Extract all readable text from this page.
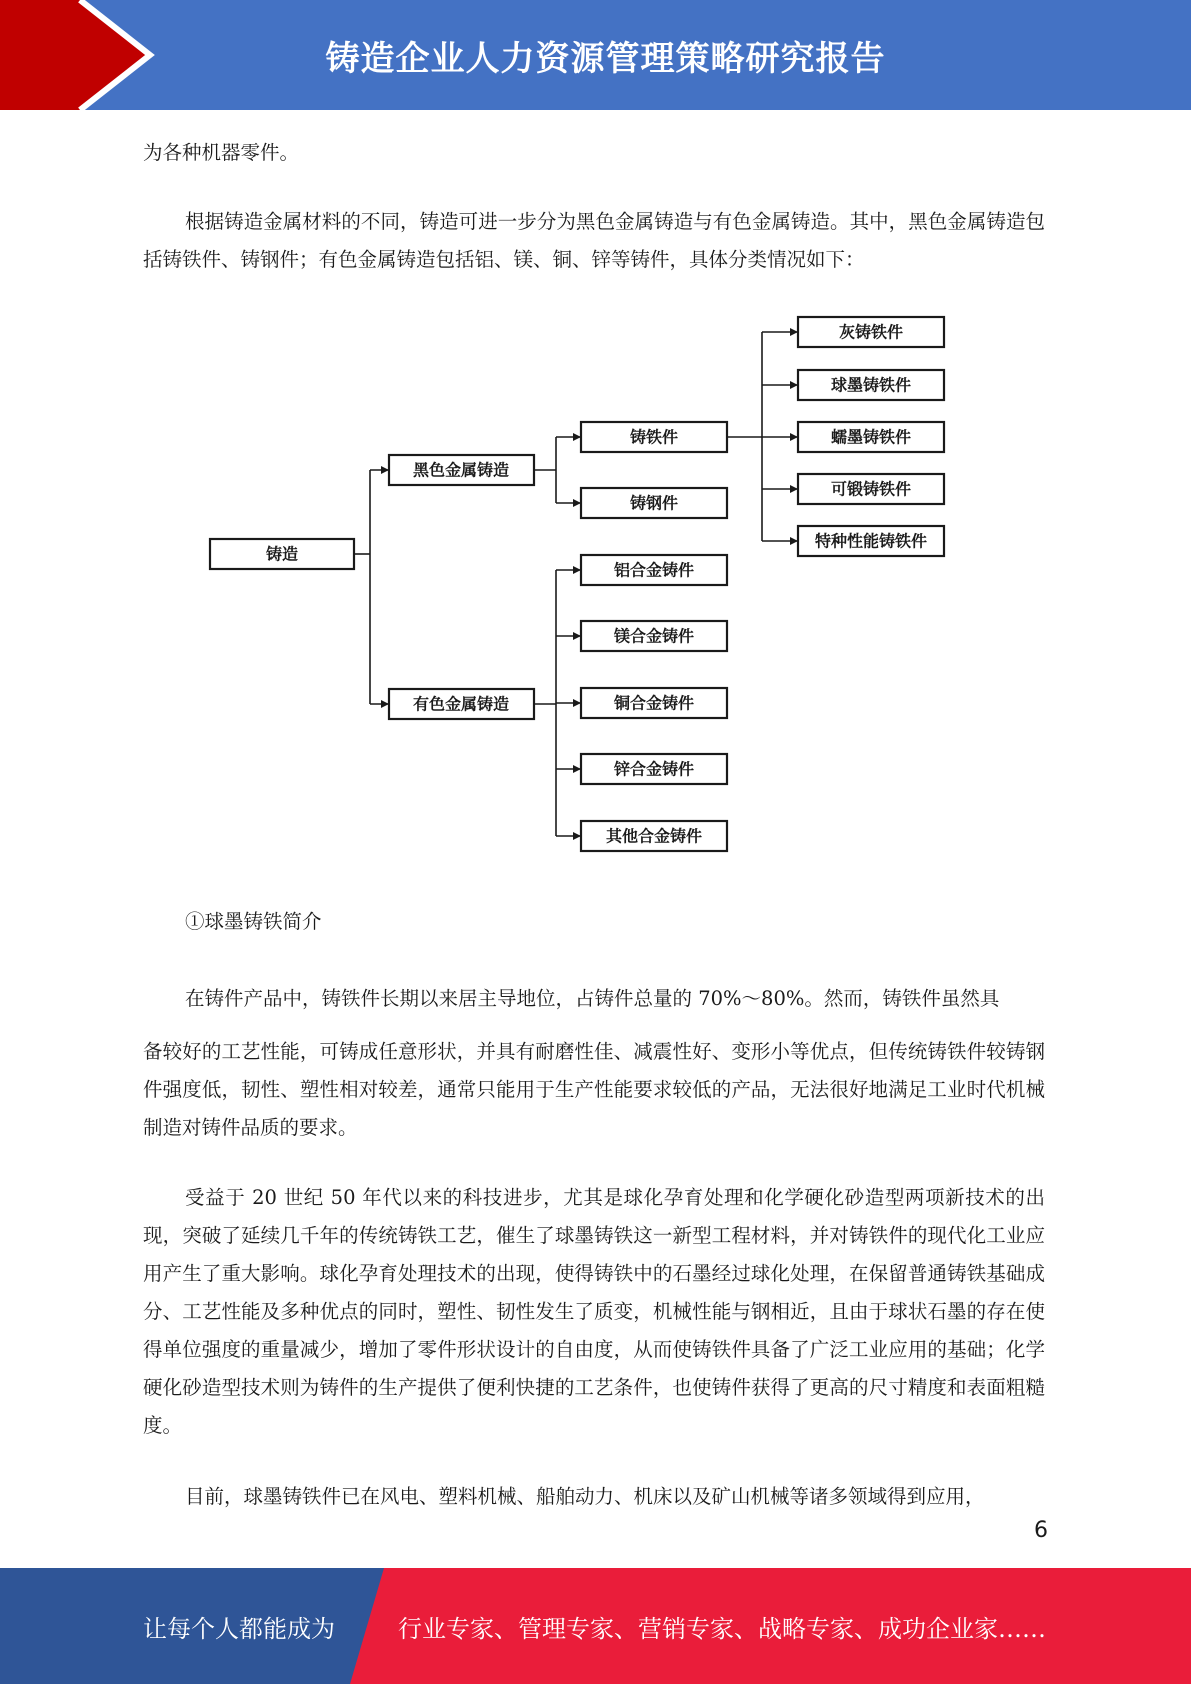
铸造企业人力资源管理策略研究报告

为各种机器零件。

根据铸造金属材料的不同，铸造可进一步分为黑色金属铸造与有色金属铸造。其中，黑色金属铸造包括铸铁件、铸钢件；有色金属铸造包括铝、镁、铜、锌等铸件，具体分类情况如下：

铸造
黑色金属铸造
有色金属铸造
铸铁件
铸钢件
灰铸铁件
球墨铸铁件
蠕墨铸铁件
可锻铸铁件
特种性能铸铁件
铝合金铸件
镁合金铸件
铜合金铸件
锌合金铸件
其他合金铸件

①球墨铸铁简介

在铸件产品中，铸铁件长期以来居主导地位，占铸件总量的 70%～80%。然而，铸铁件虽然具

备较好的工艺性能，可铸成任意形状，并具有耐磨性佳、减震性好、变形小等优点，但传统铸铁件较铸钢件强度低，韧性、塑性相对较差，通常只能用于生产性能要求较低的产品，无法很好地满足工业时代机械制造对铸件品质的要求。

受益于 20 世纪 50 年代以来的科技进步，尤其是球化孕育处理和化学硬化砂造型两项新技术的出现，突破了延续几千年的传统铸铁工艺，催生了球墨铸铁这一新型工程材料，并对铸铁件的现代化工业应用产生了重大影响。球化孕育处理技术的出现，使得铸铁中的石墨经过球化处理，在保留普通铸铁基础成分、工艺性能及多种优点的同时，塑性、韧性发生了质变，机械性能与钢相近，且由于球状石墨的存在使得单位强度的重量减少，增加了零件形状设计的自由度，从而使铸铁件具备了广泛工业应用的基础；化学硬化砂造型技术则为铸件的生产提供了便利快捷的工艺条件，也使铸件获得了更高的尺寸精度和表面粗糙度。

目前，球墨铸铁件已在风电、塑料机械、船舶动力、机床以及矿山机械等诸多领域得到应用，

6
让每个人都能成为	行业专家、管理专家、营销专家、战略专家、成功企业家……
